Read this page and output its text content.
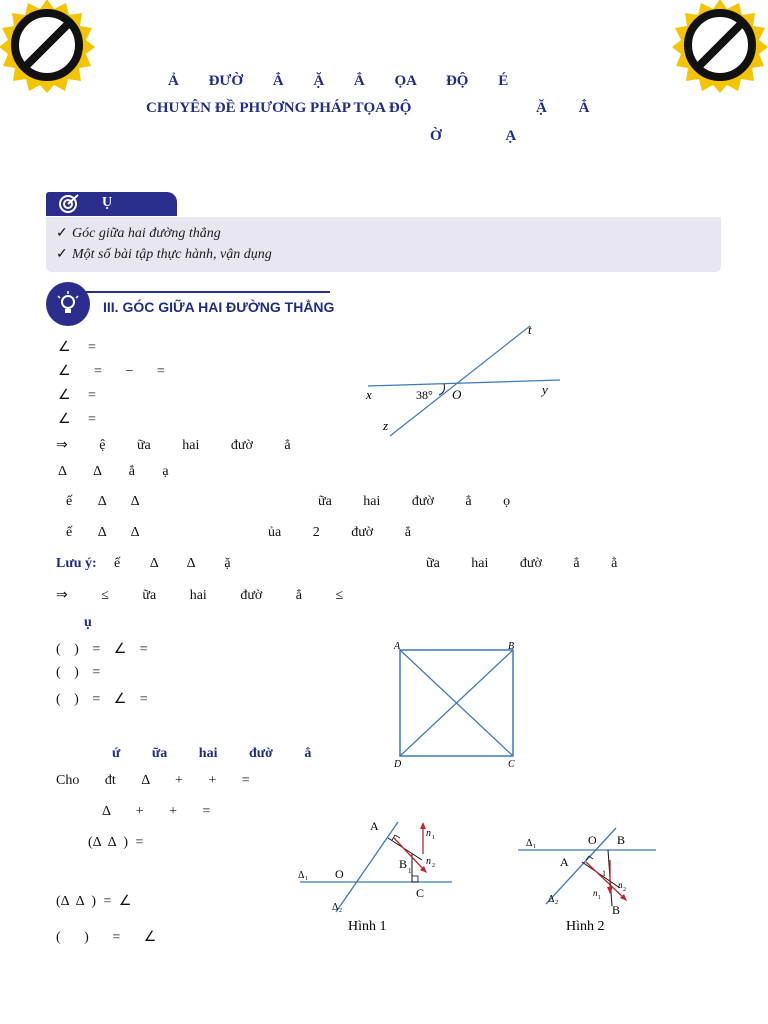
Ả ĐƯỜ Ẳ Ặ Ẳ ỌA ĐỘ É
CHUYÊN ĐỀ PHƯƠNG PHÁP TỌA ĐỘ	Ặ Ẳ
Ờ Ạ
Ụ
✓ Góc giữa hai đường thẳng
✓ Một số bài tập thực hành, vận dụng
III. GÓC GIỮA HAI ĐƯỜNG THẲNG
∠ =
∠ = − =
∠ =
∠ =
⇒ ệ ữa hai đườ ẳ
Δ Δ ắ ạ
ế Δ Δ	ữa hai đườ ẳ ọ
ế Δ Δ	ủa 2 đườ ẳ
Lưu ý: ế Δ Δ ặ	ữa hai đườ ẳ ằ
⇒ ≤ ữa hai đườ ẳ ≤
ụ
( ) = ∠ =
( ) =
( ) = ∠ =
ứ ữa hai đườ ẳ
Cho đt Δ + + =
Δ + + =
(Δ Δ ) =
(Δ Δ ) = ∠
( ) = ∠
x	y
t
z
O
38°
A	B
C
D
A
B 1
C
O
Δ 1
Δ 2
n 1
n 2
Hình 1
O B
A
B
1
Δ 1
Δ 2
n 1
n 2
Hình 2
